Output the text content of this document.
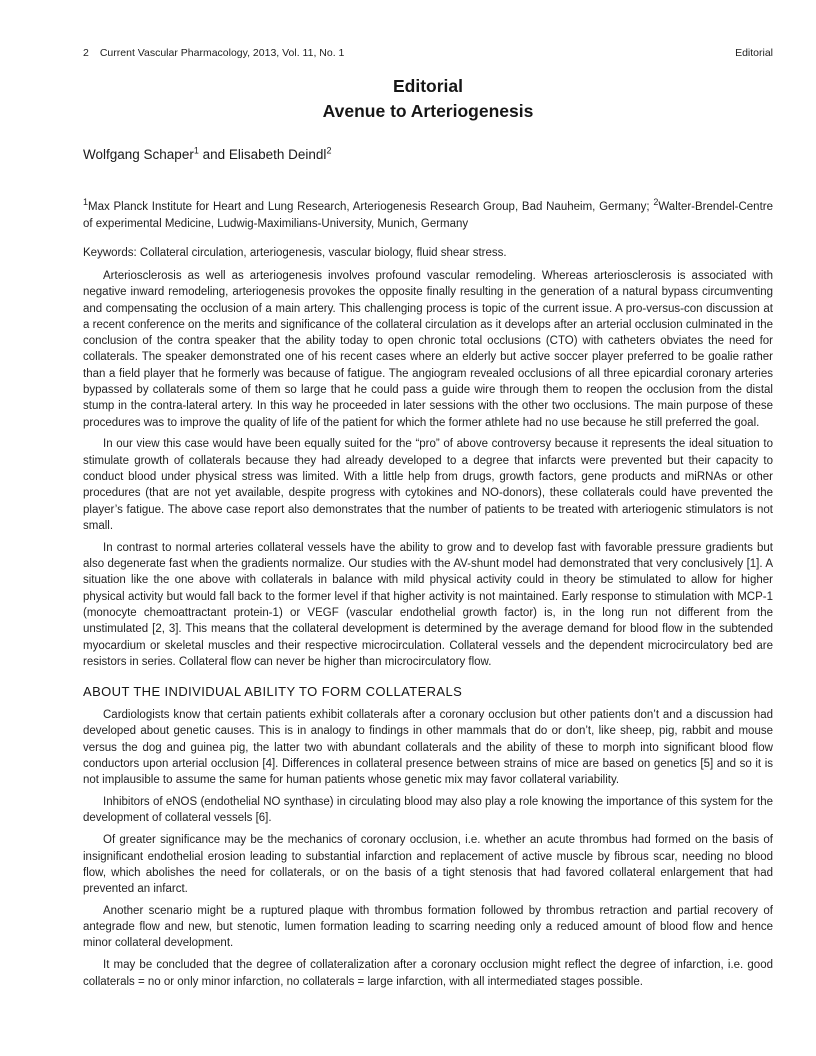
2 Current Vascular Pharmacology, 2013, Vol. 11, No. 1	Editorial
Editorial
Avenue to Arteriogenesis
Wolfgang Schaper$^1$ and Elisabeth Deindl$^2$
$^1$Max Planck Institute for Heart and Lung Research, Arteriogenesis Research Group, Bad Nauheim, Germany; $^2$Walter-Brendel-Centre of experimental Medicine, Ludwig-Maximilians-University, Munich, Germany
Keywords: Collateral circulation, arteriogenesis, vascular biology, fluid shear stress.

Arteriosclerosis as well as arteriogenesis involves profound vascular remodeling. Whereas arteriosclerosis is associated with negative inward remodeling, arteriogenesis provokes the opposite finally resulting in the generation of a natural bypass circumventing and compensating the occlusion of a main artery. This challenging process is topic of the current issue. A pro-versus-con discussion at a recent conference on the merits and significance of the collateral circulation as it develops after an arterial occlusion culminated in the conclusion of the contra speaker that the ability today to open chronic total occlusions (CTO) with catheters obviates the need for collaterals. The speaker demonstrated one of his recent cases where an elderly but active soccer player preferred to be goalie rather than a field player that he formerly was because of fatigue. The angiogram revealed occlusions of all three epicardial coronary arteries bypassed by collaterals some of them so large that he could pass a guide wire through them to reopen the occlusion from the distal stump in the contra-lateral artery. In this way he proceeded in later sessions with the other two occlusions. The main purpose of these procedures was to improve the quality of life of the patient for which the former athlete had no use because he still preferred the goal.

In our view this case would have been equally suited for the “pro” of above controversy because it represents the ideal situation to stimulate growth of collaterals because they had already developed to a degree that infarcts were prevented but their capacity to conduct blood under physical stress was limited. With a little help from drugs, growth factors, gene products and miRNAs or other procedures (that are not yet available, despite progress with cytokines and NO-donors), these collaterals could have prevented the player’s fatigue. The above case report also demonstrates that the number of patients to be treated with arteriogenic stimulators is not small.

In contrast to normal arteries collateral vessels have the ability to grow and to develop fast with favorable pressure gradients but also degenerate fast when the gradients normalize. Our studies with the AV-shunt model had demonstrated that very conclusively [1]. A situation like the one above with collaterals in balance with mild physical activity could in theory be stimulated to allow for higher physical activity but would fall back to the former level if that higher activity is not maintained. Early response to stimulation with MCP-1 (monocyte chemoattractant protein-1) or VEGF (vascular endothelial growth factor) is, in the long run not different from the unstimulated [2, 3]. This means that the collateral development is determined by the average demand for blood flow in the subtended myocardium or skeletal muscles and their respective microcirculation. Collateral vessels and the dependent microcirculatory bed are resistors in series. Collateral flow can never be higher than microcirculatory flow.

ABOUT THE INDIVIDUAL ABILITY TO FORM COLLATERALS

Cardiologists know that certain patients exhibit collaterals after a coronary occlusion but other patients don’t and a discussion had developed about genetic causes. This is in analogy to findings in other mammals that do or don’t, like sheep, pig, rabbit and mouse versus the dog and guinea pig, the latter two with abundant collaterals and the ability of these to morph into significant blood flow conductors upon arterial occlusion [4]. Differences in collateral presence between strains of mice are based on genetics [5] and so it is not implausible to assume the same for human patients whose genetic mix may favor collateral variability.

Inhibitors of eNOS (endothelial NO synthase) in circulating blood may also play a role knowing the importance of this system for the development of collateral vessels [6].

Of greater significance may be the mechanics of coronary occlusion, i.e. whether an acute thrombus had formed on the basis of insignificant endothelial erosion leading to substantial infarction and replacement of active muscle by fibrous scar, needing no blood flow, which abolishes the need for collaterals, or on the basis of a tight stenosis that had favored collateral enlargement that had prevented an infarct.

Another scenario might be a ruptured plaque with thrombus formation followed by thrombus retraction and partial recovery of antegrade flow and new, but stenotic, lumen formation leading to scarring needing only a reduced amount of blood flow and hence minor collateral development.

It may be concluded that the degree of collateralization after a coronary occlusion might reflect the degree of infarction, i.e. good collaterals = no or only minor infarction, no collaterals = large infarction, with all intermediated stages possible.
